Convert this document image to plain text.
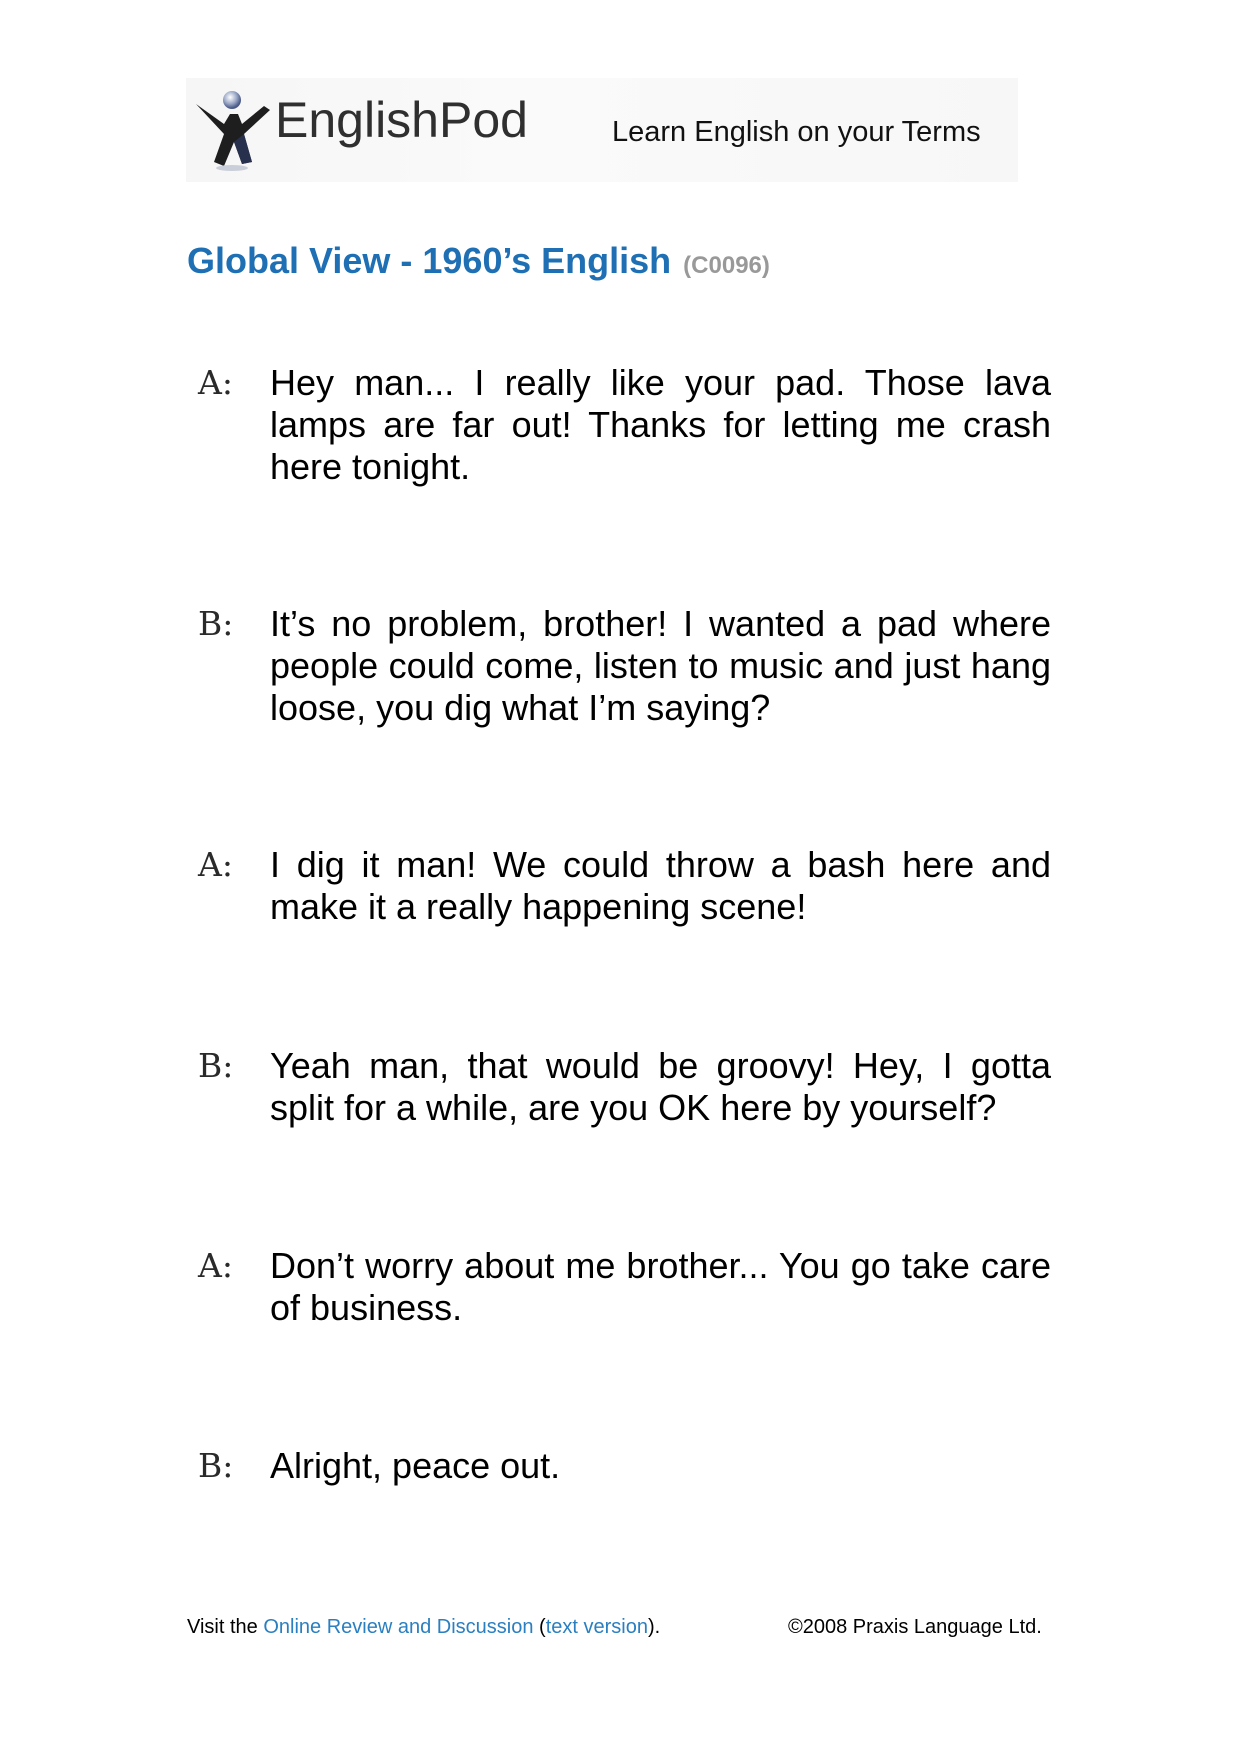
EnglishPod	Learn English on your Terms
Global View - 1960’s English (C0096)
A: Hey man... I really like your pad. Those lava lamps are far out! Thanks for letting me crash here tonight.
B: It’s no problem, brother! I wanted a pad where people could come, listen to music and just hang loose, you dig what I’m saying?
A: I dig it man! We could throw a bash here and make it a really happening scene!
B: Yeah man, that would be groovy! Hey, I gotta split for a while, are you OK here by yourself?
A: Don’t worry about me brother... You go take care of business.
B: Alright, peace out.
Visit the Online Review and Discussion (text version).	©2008 Praxis Language Ltd.
